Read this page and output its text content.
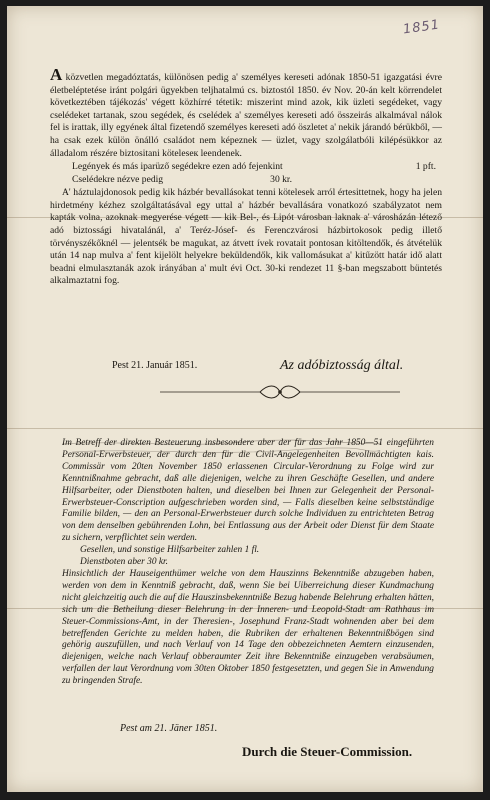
1851

A közvetlen megadóztatás, különösen pedig a' személyes kereseti adónak 1850-51 igazgatási évre életbeléptetése iránt polgári ügyekben teljhatalmú cs. biztostól 1850. év Nov. 20-án kelt körrendelet következtében tájékozás' végett közhírré tétetik: miszerint mind azok, kik üzleti segédeket, vagy cselédeket tartanak, szou segédek, és cselédek a' személyes kereseti adó összeirás alkalmával nálok fel is irattak, illy egyének által fizetendő személyes kereseti adó öszletet a' nekik járandó bérükből, — ha csak ezek külön önálló családot nem képeznek — üzlet, vagy szolgálatbóli kilépésükkor az álladalom részére biztositani köteleseк leendenek.

Legények és más iparüző segédekre ezen adó fejenkint	1 pft.
Cselédekre nézve pedig	30 kr.

A' háztulajdonosok pedig kik házbér bevallásokat tenni kötelesek arról értesittetnek, hogy ha jelen hirdetmény kézhez szolgáltatásával egy uttal a' házbér bevallására vonatkozó szabályzatot nem kapták volna, azoknak megyerése végett — kik Bel-, és Lipót városban laknak a' városházán létező adó biztossági hivatalánál, a' Teréz-Jósef- és Ferenczvárosi házbirtokosok pedig illető törvényszékőknél — jelentsék be magukat, az átvett ívek rovatait pontosan kitöltendők, és átvételük után 14 nap mulva a' fent kijelölt helyekre beküldendők, kik vallomásukat a' kitűzött határ idő alatt beadni elmulasztanák azok irányában a' mult évi Oct. 30-ki rendezet 11 §-ban megszabott büntetés alkalmaztatni fog.

Pest 21. Január 1851.	Az adóbiztosság által.

Im Betreff der direkten Besteuerung insbesondere aber der für das Jahr 1850—51 eingeführten Personal-Erwerbsteuer, der durch den für die Civil-Angelegenheiten Bevollmächtigten kais. Commissär vom 20ten November 1850 erlassenen Circular-Verordnung zu Folge wird zur Kenntnißnahme gebracht, daß alle diejenigen, welche zu ihren Geschäfte Gesellen, und andere Hilfsarbeiter, oder Dienstboten halten, und dieselben bei Ihnen zur Gelegenheit der Personal-Erwerbsteuer-Conscription aufgeschrieben worden sind, — Falls dieselben keine selbstständige Familie bilden, — den an Personal-Erwerbsteuer durch solche Individuen zu entrichteten Betrag von dem denselben gebührenden Lohn, bei Entlassung aus der Arbeit oder Dienst für dem Staate zu sichern, verpflichtet sein werden.

Gesellen, und sonstige Hilfsarbeiter zahlen 1 fl.

Dienstboten aber 30 kr.

Hinsichtlich der Hauseigenthümer welche von dem Hauszinns Bekenntniße abzugeben haben, werden von dem in Kenntniß gebracht, daß, wenn Sie bei Uiberreichung dieser Kundmachung nicht gleichzeitig auch die auf die Hauszinsbekenntniße Bezug habende Belehrung erhalten hätten, sich um die Betheilung dieser Belehrung in der Inneren- und Leopold-Stadt am Rathhaus im Steuer-Commissions-Amt, in der Theresien-, Josephund Franz-Stadt wohnenden aber bei dem betreffenden Gerichte zu melden haben, die Rubriken der erhaltenen Bekenntnißbögen sind gehörig auszufüllen, und nach Verlauf von 14 Tage den obbezeichneten Aemtern einzusenden, diejenigen, welche nach Verlauf obberaumter Zeit ihre Bekenntniße einzugeben verabsäumen, verfallen der laut Verordnung vom 30ten Oktober 1850 festgesetzten, und gegen Sie in Anwendung zu bringenden Strafe.

Pest am 21. Jäner 1851.
Durch die Steuer-Commission.
